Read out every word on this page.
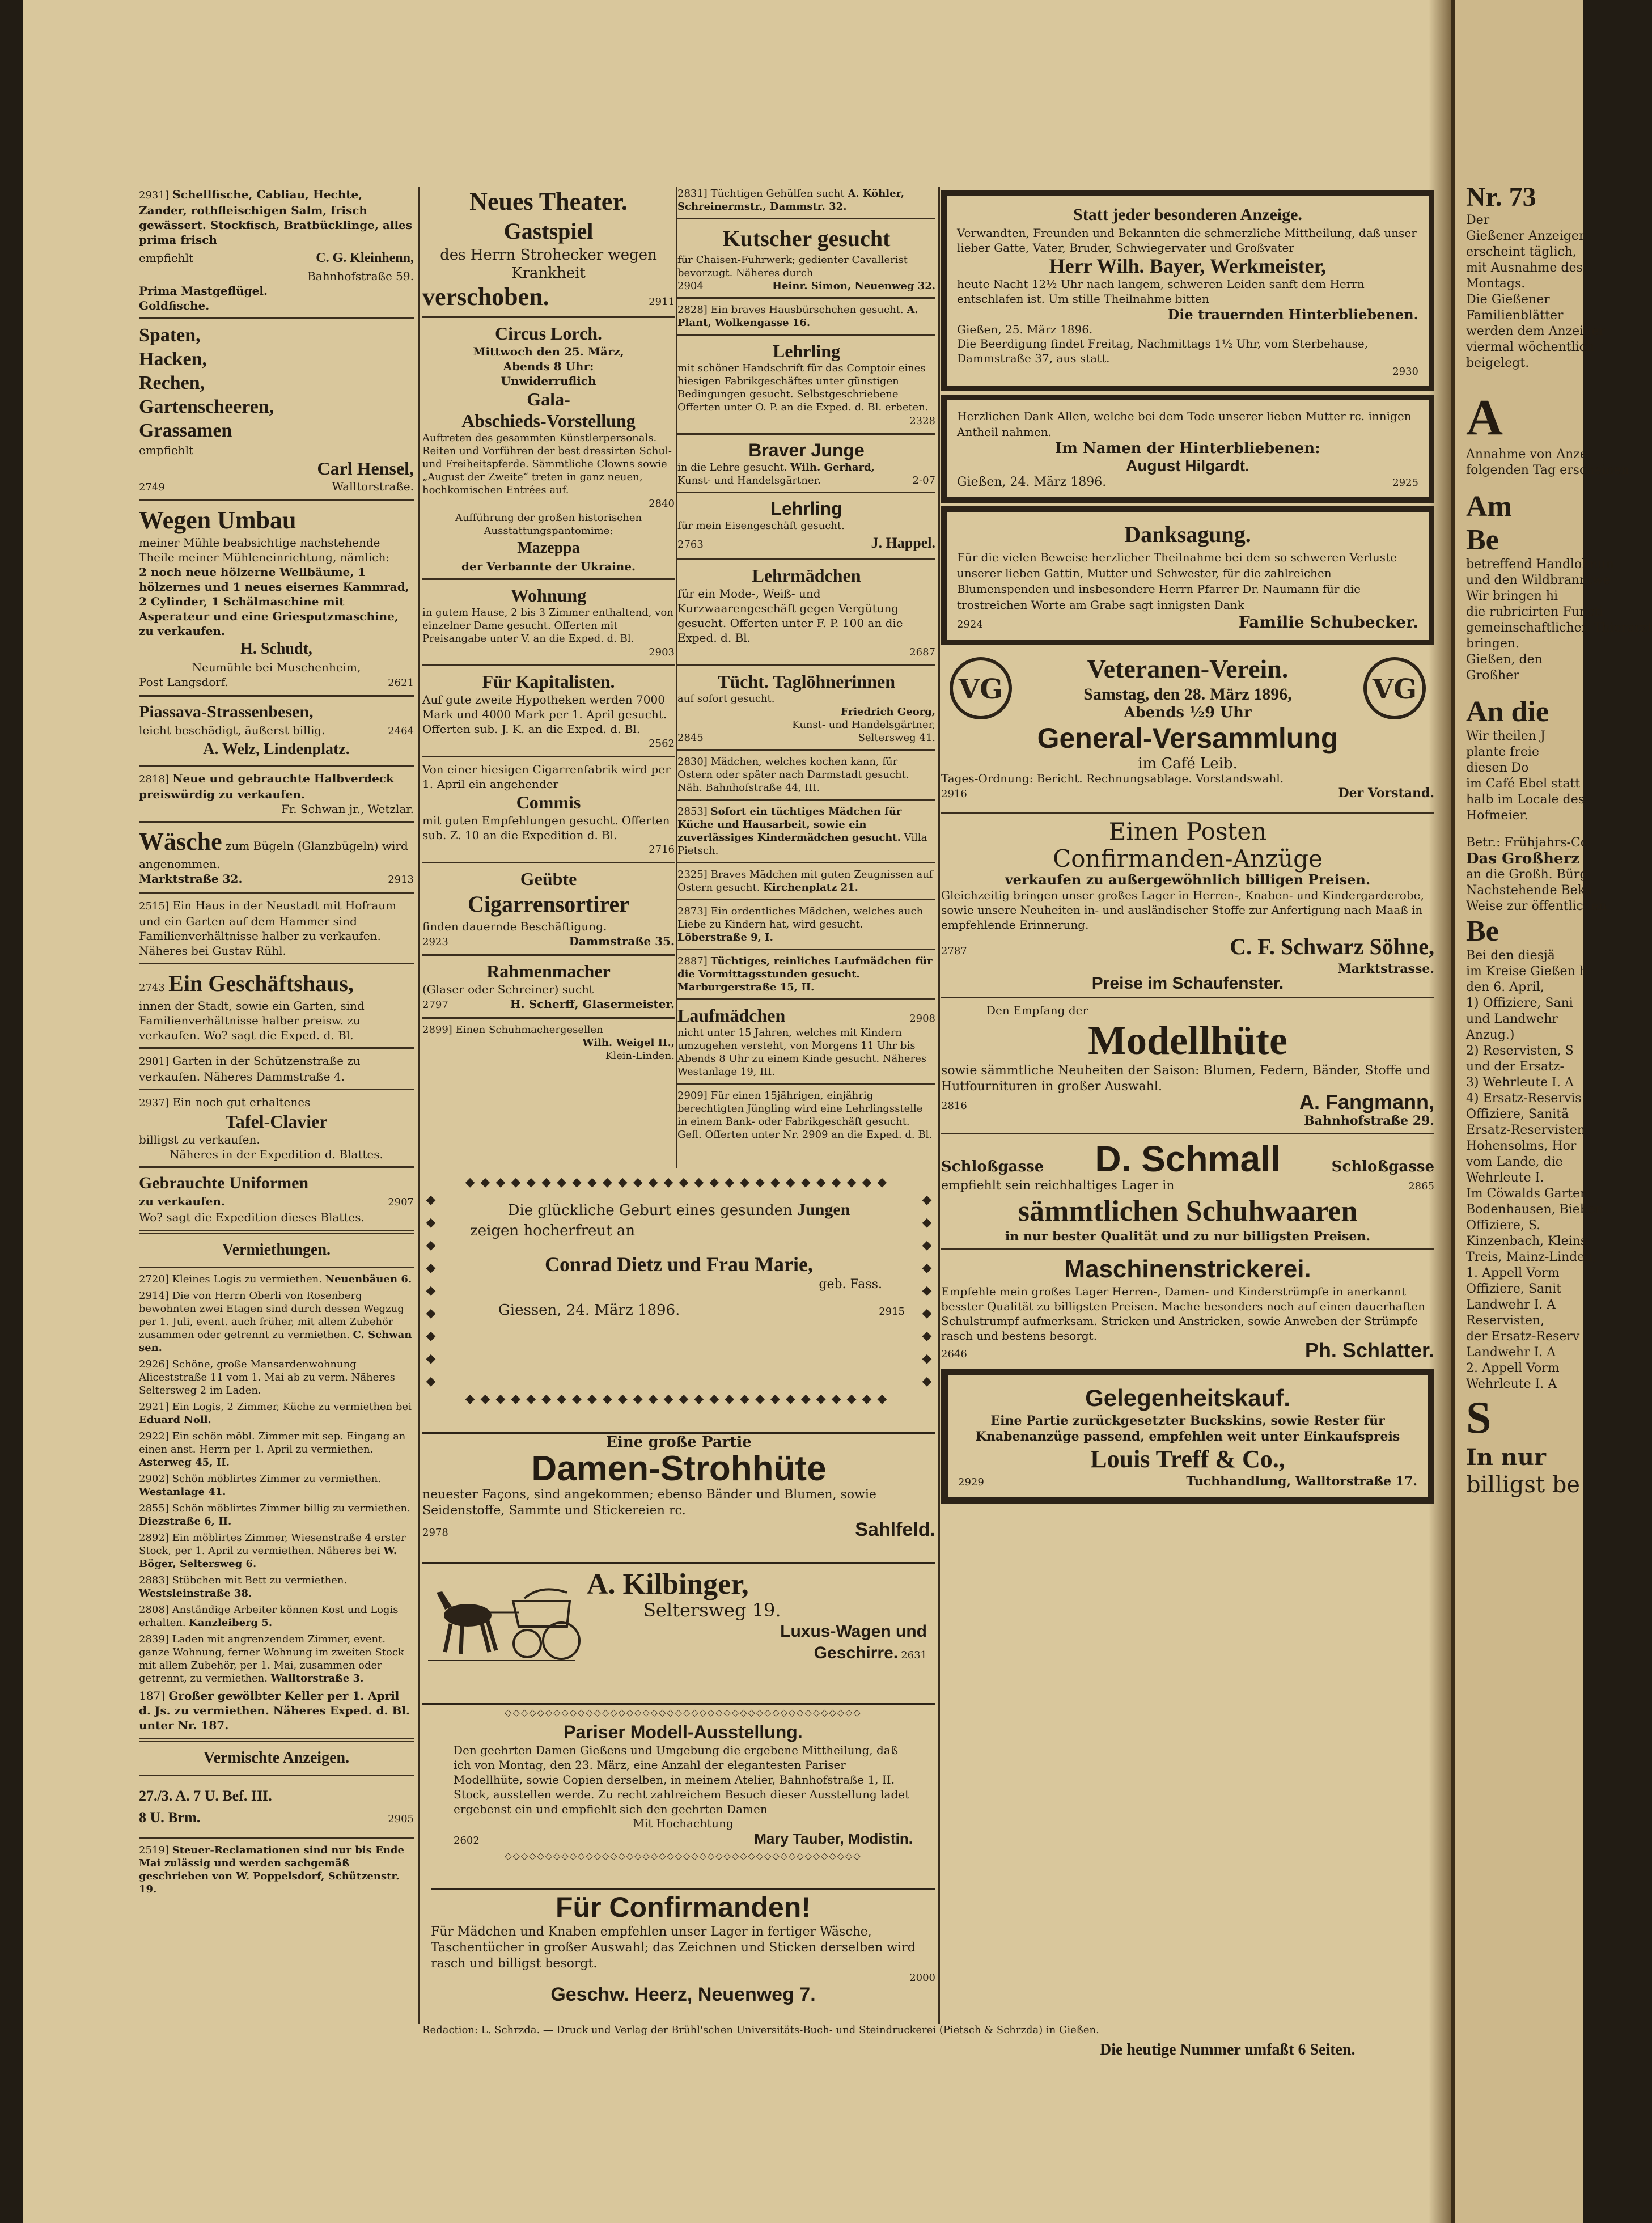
2931] Schellfische, Cabliau, Hechte, Zander, rothfleischigen Salm, frisch gewässert. Stockfisch, Bratbücklinge, alles prima frisch
empfiehlt	C. G. Kleinhenn,
Bahnhofstraße 59.
Prima Mastgeflügel.
Goldfische.
Spaten,
Hacken,
Rechen,
Gartenscheeren,
Grassamen
empfiehlt
Carl Hensel,
2749	Walltorstraße.
Wegen Umbau
meiner Mühle beabsichtige nachstehende Theile meiner Mühleneinrichtung, nämlich:
2 noch neue hölzerne Wellbäume, 1 hölzernes und 1 neues eisernes Kammrad, 2 Cylinder, 1 Schälmaschine mit Asperateur und eine Griesputzmaschine, zu verkaufen.
H. Schudt,
Neumühle bei Muschenheim,
Post Langsdorf.	2621
Piassava-Strassenbesen,
leicht beschädigt, äußerst billig.	2464
A. Welz, Lindenplatz.
2818] Neue und gebrauchte Halbverdeck preiswürdig zu verkaufen.
Fr. Schwan jr., Wetzlar.
Wäsche zum Bügeln (Glanzbügeln) wird angenommen.
Marktstraße 32.	2913
2515] Ein Haus in der Neustadt mit Hofraum und ein Garten auf dem Hammer sind Familienverhältnisse halber zu verkaufen. Näheres bei Gustav Rühl.
2743 Ein Geschäftshaus,
innen der Stadt, sowie ein Garten, sind Familienverhältnisse halber preisw. zu verkaufen. Wo? sagt die Exped. d. Bl.
2901] Garten in der Schützenstraße zu verkaufen. Näheres Dammstraße 4.
2937] Ein noch gut erhaltenes
Tafel-Clavier
billigst zu verkaufen.
Näheres in der Expedition d. Blattes.
Gebrauchte Uniformen
zu verkaufen.	2907
Wo? sagt die Expedition dieses Blattes.
Vermiethungen.
2720] Kleines Logis zu vermiethen. Neuenbäuen 6.
2914] Die von Herrn Oberli von Rosenberg bewohnten zwei Etagen sind durch dessen Wegzug per 1. Juli, event. auch früher, mit allem Zubehör zusammen oder getrennt zu vermiethen. C. Schwan sen.
2926] Schöne, große Mansardenwohnung Aliceststraße 11 vom 1. Mai ab zu verm. Näheres Seltersweg 2 im Laden.
2921] Ein Logis, 2 Zimmer, Küche zu vermiethen bei Eduard Noll.
2922] Ein schön möbl. Zimmer mit sep. Eingang an einen anst. Herrn per 1. April zu vermiethen. Asterweg 45, II.
2902] Schön möblirtes Zimmer zu vermiethen. Westanlage 41.
2855] Schön möblirtes Zimmer billig zu vermiethen. Diezstraße 6, II.
2892] Ein möblirtes Zimmer, Wiesenstraße 4 erster Stock, per 1. April zu vermiethen. Näheres bei W. Böger, Seltersweg 6.
2883] Stübchen mit Bett zu vermiethen. Westsleinstraße 38.
2808] Anständige Arbeiter können Kost und Logis erhalten. Kanzleiberg 5.
2839] Laden mit angrenzendem Zimmer, event. ganze Wohnung, ferner Wohnung im zweiten Stock mit allem Zubehör, per 1. Mai, zusammen oder getrennt, zu vermiethen. Walltorstraße 3.
187] Großer gewölbter Keller per 1. April d. Js. zu vermiethen. Näheres Exped. d. Bl. unter Nr. 187.
Vermischte Anzeigen.
27./3. A. 7 U. Bef. III.
8 U. Brm.	2905
2519] Steuer-Reclamationen sind nur bis Ende Mai zulässig und werden sachgemäß geschrieben von W. Poppelsdorf, Schützenstr. 19.
Neues Theater.
Gastspiel
des Herrn Strohecker wegen Krankheit
verschoben.	2911
Circus Lorch.
Mittwoch den 25. März,
Abends 8 Uhr:
Unwiderruflich
Gala-
Abschieds-Vorstellung
Auftreten des gesammten Künstlerpersonals. Reiten und Vorführen der best dressirten Schul- und Freiheitspferde. Sämmtliche Clowns sowie „August der Zweite“ treten in ganz neuen, hochkomischen Entrées auf.
2840
Aufführung der großen historischen Ausstattungspantomime:
Mazeppa
der Verbannte der Ukraine.
Wohnung
in gutem Hause, 2 bis 3 Zimmer enthaltend, von einzelner Dame gesucht. Offerten mit Preisangabe unter V. an die Exped. d. Bl.
2903
Für Kapitalisten.
Auf gute zweite Hypotheken werden 7000 Mark und 4000 Mark per 1. April gesucht. Offerten sub. J. K. an die Exped. d. Bl.
2562
Von einer hiesigen Cigarrenfabrik wird per 1. April ein angehender
Commis
mit guten Empfehlungen gesucht. Offerten sub. Z. 10 an die Expedition d. Bl.
2716
Geübte
Cigarrensortirer
finden dauernde Beschäftigung.
2923	Dammstraße 35.
Rahmenmacher
(Glaser oder Schreiner) sucht
2797	H. Scherff, Glasermeister.
2899] Einen Schuhmachergesellen
Wilh. Weigel II.,
Klein-Linden.
2831] Tüchtigen Gehülfen sucht A. Köhler, Schreinermstr., Dammstr. 32.
Kutscher gesucht
für Chaisen-Fuhrwerk; gedienter Cavallerist bevorzugt. Näheres durch
2904	Heinr. Simon, Neuenweg 32.
2828] Ein braves Hausbürschchen gesucht. A. Plant, Wolkengasse 16.
Lehrling
mit schöner Handschrift für das Comptoir eines hiesigen Fabrikgeschäftes unter günstigen Bedingungen gesucht. Selbstgeschriebene Offerten unter O. P. an die Exped. d. Bl. erbeten.
2328
Braver Junge
in die Lehre gesucht. Wilh. Gerhard,
Kunst- und Handelsgärtner.	2-07
Lehrling
für mein Eisengeschäft gesucht.
2763	J. Happel.
Lehrmädchen
für ein Mode-, Weiß- und Kurzwaarengeschäft gegen Vergütung gesucht. Offerten unter F. P. 100 an die Exped. d. Bl.
2687
Tücht. Taglöhnerinnen
auf sofort gesucht.
Friedrich Georg,
Kunst- und Handelsgärtner,
2845	Seltersweg 41.
2830] Mädchen, welches kochen kann, für Ostern oder später nach Darmstadt gesucht. Näh. Bahnhofstraße 44, III.
2853] Sofort ein tüchtiges Mädchen für Küche und Hausarbeit, sowie ein zuverlässiges Kindermädchen gesucht. Villa Pietsch.
2325] Braves Mädchen mit guten Zeugnissen auf Ostern gesucht. Kirchenplatz 21.
2873] Ein ordentliches Mädchen, welches auch Liebe zu Kindern hat, wird gesucht. Löberstraße 9, I.
2887] Tüchtiges, reinliches Laufmädchen für die Vormittagsstunden gesucht. Marburgerstraße 15, II.
Laufmädchen	2908
nicht unter 15 Jahren, welches mit Kindern umzugehen versteht, von Morgens 11 Uhr bis Abends 8 Uhr zu einem Kinde gesucht. Näheres Westanlage 19, III.
2909] Für einen 15jährigen, einjährig berechtigten Jüngling wird eine Lehrlingsstelle in einem Bank- oder Fabrikgeschäft gesucht. Gefl. Offerten unter Nr. 2909 an die Exped. d. Bl.
◆◆◆◆◆◆◆◆◆◆◆◆◆◆◆◆◆◆◆◆◆◆◆◆◆◆◆◆
◆ ◆ ◆ ◆ ◆ ◆ ◆ ◆ ◆
Die glückliche Geburt eines gesunden Jungen
zeigen hocherfreut an
Conrad Dietz und Frau Marie,
geb. Fass.
Giessen, 24. März 1896.	2915
◆ ◆ ◆ ◆ ◆ ◆ ◆ ◆ ◆
◆◆◆◆◆◆◆◆◆◆◆◆◆◆◆◆◆◆◆◆◆◆◆◆◆◆◆◆
Eine große Partie
Damen-Strohhüte
neuester Façons, sind angekommen; ebenso Bänder und Blumen, sowie Seidenstoffe, Sammte und Stickereien rc.
2978	Sahlfeld.
A. Kilbinger,
Seltersweg 19.
Luxus-Wagen und
Geschirre. 2631
◇◇◇◇◇◇◇◇◇◇◇◇◇◇◇◇◇◇◇◇◇◇◇◇◇◇◇◇◇◇◇◇◇◇◇◇◇◇◇◇◇◇◇◇
Pariser Modell-Ausstellung.
Den geehrten Damen Gießens und Umgebung die ergebene Mittheilung, daß ich von Montag, den 23. März, eine Anzahl der elegantesten Pariser Modellhüte, sowie Copien derselben, in meinem Atelier, Bahnhofstraße 1, II. Stock, ausstellen werde. Zu recht zahlreichem Besuch dieser Ausstellung ladet ergebenst ein und empfiehlt sich den geehrten Damen
Mit Hochachtung
2602	Mary Tauber, Modistin.
◇◇◇◇◇◇◇◇◇◇◇◇◇◇◇◇◇◇◇◇◇◇◇◇◇◇◇◇◇◇◇◇◇◇◇◇◇◇◇◇◇◇◇◇
Für Confirmanden!
Für Mädchen und Knaben empfehlen unser Lager in fertiger Wäsche, Taschentücher in großer Auswahl; das Zeichnen und Sticken derselben wird rasch und billigst besorgt.
2000
Geschw. Heerz, Neuenweg 7.
Statt jeder besonderen Anzeige.
Verwandten, Freunden und Bekannten die schmerzliche Mittheilung, daß unser lieber Gatte, Vater, Bruder, Schwiegervater und Großvater
Herr Wilh. Bayer, Werkmeister,
heute Nacht 12½ Uhr nach langem, schweren Leiden sanft dem Herrn entschlafen ist. Um stille Theilnahme bitten
Die trauernden Hinterbliebenen.
Gießen, 25. März 1896.
Die Beerdigung findet Freitag, Nachmittags 1½ Uhr, vom Sterbehause, Dammstraße 37, aus statt.
2930
Herzlichen Dank Allen, welche bei dem Tode unserer lieben Mutter rc. innigen Antheil nahmen.
Im Namen der Hinterbliebenen:
August Hilgardt.
Gießen, 24. März 1896.	2925
Danksagung.
Für die vielen Beweise herzlicher Theilnahme bei dem so schweren Verluste unserer lieben Gattin, Mutter und Schwester, für die zahlreichen Blumenspenden und insbesondere Herrn Pfarrer Dr. Naumann für die trostreichen Worte am Grabe sagt innigsten Dank
2924	Familie Schubecker.
VG	VG
Veteranen-Verein.
Samstag, den 28. März 1896,
Abends ½9 Uhr
General-Versammlung
im Café Leib.
Tages-Ordnung: Bericht. Rechnungsablage. Vorstandswahl.
2916	Der Vorstand.
Einen Posten
Confirmanden-Anzüge
verkaufen zu außergewöhnlich billigen Preisen.
Gleichzeitig bringen unser großes Lager in Herren-, Knaben- und Kindergarderobe, sowie unsere Neuheiten in- und ausländischer Stoffe zur Anfertigung nach Maaß in empfehlende Erinnerung.
2787	C. F. Schwarz Söhne,
Marktstrasse.
Preise im Schaufenster.
Den Empfang der
Modellhüte
sowie sämmtliche Neuheiten der Saison: Blumen, Federn, Bänder, Stoffe und Hutfournituren in großer Auswahl.
2816	A. Fangmann,
Bahnhofstraße 29.
Schloßgasse D. Schmall	Schloßgasse
empfiehlt sein reichhaltiges Lager in	2865
sämmtlichen Schuhwaaren
in nur bester Qualität und zu nur billigsten Preisen.
Maschinenstrickerei.
Empfehle mein großes Lager Herren-, Damen- und Kinderstrümpfe in anerkannt besster Qualität zu billigsten Preisen. Mache besonders noch auf einen dauerhaften Schulstrumpf aufmerksam. Stricken und Anstricken, sowie Anweben der Strümpfe rasch und bestens besorgt.
2646	Ph. Schlatter.
Gelegenheitskauf.
Eine Partie zurückgesetzter Buckskins, sowie Rester für Knabenanzüge passend, empfehlen weit unter Einkaufspreis
Louis Treff & Co.,
2929	Tuchhandlung, Walltorstraße 17.
Redaction: L. Schrzda. — Druck und Verlag der Brühl'schen Universitäts-Buch- und Steindruckerei (Pietsch & Schrzda) in Gießen.
Die heutige Nummer umfaßt 6 Seiten.
Nr. 73
Der
Gießener Anzeiger
erscheint täglich,
mit Ausnahme des
Montags.
Die Gießener
Familienblätter
werden dem Anzeiger
viermal wöchentlich
beigelegt.
A
Annahme von Anzei
folgenden Tag erscheinen
Am
Be
betreffend Handlohnun
und den Wildbranntwe
Wir bringen hi
die rubricirten Functi
gemeinschaftlichen Thierarzt
bringen.
Gießen, den
Großher
An die
Wir theilen J
plante freie
diesen Do
im Café Ebel statt
halb im Locale des
Hofmeier.
Betr.: Frühjahrs-Co
Das Großherz
an die Großh. Bürg
Nachstehende Beka
Weise zur öffentlichen
Be
Bei den diesjä
im Kreise Gießen h
den 6. April,
1) Offiziere, Sani
und Landwehr
Anzug.)
2) Reservisten, S
und der Ersatz-
3) Wehrleute I. A
4) Ersatz-Reservis
Offiziere, Sanitä
Ersatz-Reservisten
Hohensolms, Hor
vom Lande, die
Wehrleute I.
Im Cöwalds Garten
Bodenhausen, Bieben
Offiziere, S.
Kinzenbach, Kleins
Treis, Mainz-Linden,
1. Appell Vorm
Offiziere, Sanit
Landwehr I. A
Reservisten,
der Ersatz-Reserv
Landwehr I. A
2. Appell Vorm
Wehrleute I. A
S
In nur
billigst be
